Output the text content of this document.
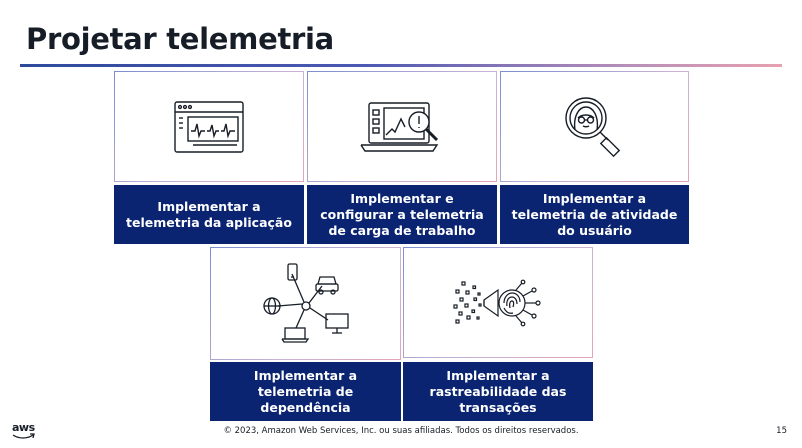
Projetar telemetria
Implementar a telemetria da aplicação
Implementar e configurar a telemetria de carga de trabalho
Implementar a telemetria de atividade do usuário
Implementar a telemetria de dependência
Implementar a rastreabilidade das transações
aws	© 2023, Amazon Web Services, Inc. ou suas afiliadas. Todos os direitos reservados.	15
